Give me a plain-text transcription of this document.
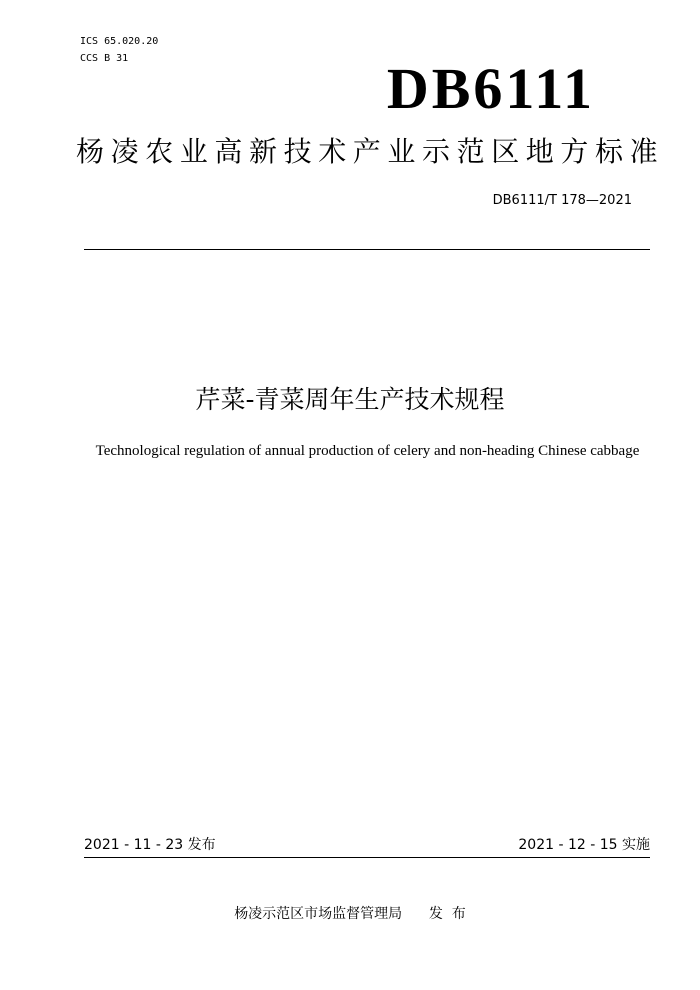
ICS 65.020.20
CCS B 31	DB6111
杨凌农业高新技术产业示范区地方标准
DB6111/T 178—2021
芹菜-青菜周年生产技术规程
Technological regulation of annual production of celery and non-heading Chinese cabbage
2021 - 11 - 23 发布	2021 - 12 - 15 实施
杨凌示范区市场监督管理局      发  布
